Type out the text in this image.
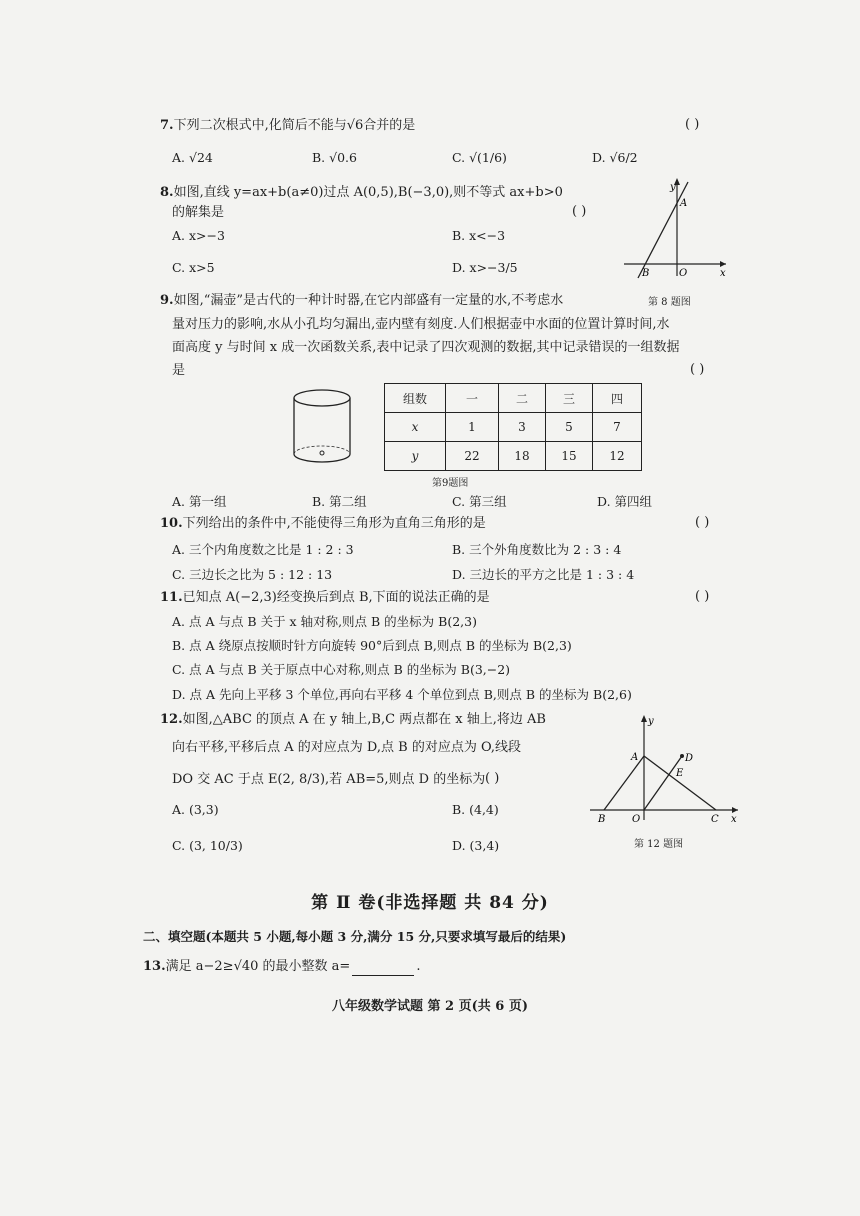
7.下列二次根式中,化简后不能与√6合并的是	( )
A. √24	B. √0.6	C. √(1/6)	D. √6/2
8.如图,直线 y=ax+b(a≠0)过点 A(0,5),B(−3,0),则不等式 ax+b>0
的解集是	( )
A. x>−3	B. x<−3
C. x>5	D. x>−3/5
y
A
B	O	x
第 8 题图
9.如图,“漏壶”是古代的一种计时器,在它内部盛有一定量的水,不考虑水
量对压力的影响,水从小孔均匀漏出,壶内壁有刻度.人们根据壶中水面的位置计算时间,水
面高度 y 与时间 x 成一次函数关系,表中记录了四次观测的数据,其中记录错误的一组数据
是	( )
组数	一	二	三	四
x	1	3	5	7
y	22	18	15	12
第9题图
A. 第一组	B. 第二组	C. 第三组	D. 第四组
10.下列给出的条件中,不能使得三角形为直角三角形的是	( )
A. 三个内角度数之比是 1 : 2 : 3	B. 三个外角度数比为 2 : 3 : 4
C. 三边长之比为 5 : 12 : 13	D. 三边长的平方之比是 1 : 3 : 4
11.已知点 A(−2,3)经变换后到点 B,下面的说法正确的是	( )
A. 点 A 与点 B 关于 x 轴对称,则点 B 的坐标为 B(2,3)
B. 点 A 绕原点按顺时针方向旋转 90°后到点 B,则点 B 的坐标为 B(2,3)
C. 点 A 与点 B 关于原点中心对称,则点 B 的坐标为 B(3,−2)
D. 点 A 先向上平移 3 个单位,再向右平移 4 个单位到点 B,则点 B 的坐标为 B(2,6)
12.如图,△ABC 的顶点 A 在 y 轴上,B,C 两点都在 x 轴上,将边 AB
向右平移,平移后点 A 的对应点为 D,点 B 的对应点为 O,线段
DO 交 AC 于点 E(2, 8/3),若 AB=5,则点 D 的坐标为 ( )
A. (3,3)	B. (4,4)
C. (3, 10/3)	D. (3,4)
y
A	D
E
B	O	C x
第 12 题图
第 Ⅱ 卷(非选择题 共 84 分)
二、填空题(本题共 5 小题,每小题 3 分,满分 15 分,只要求填写最后的结果)
13.满足 a−2≥√40 的最小整数 a=	.
八年级数学试题 第 2 页(共 6 页)
